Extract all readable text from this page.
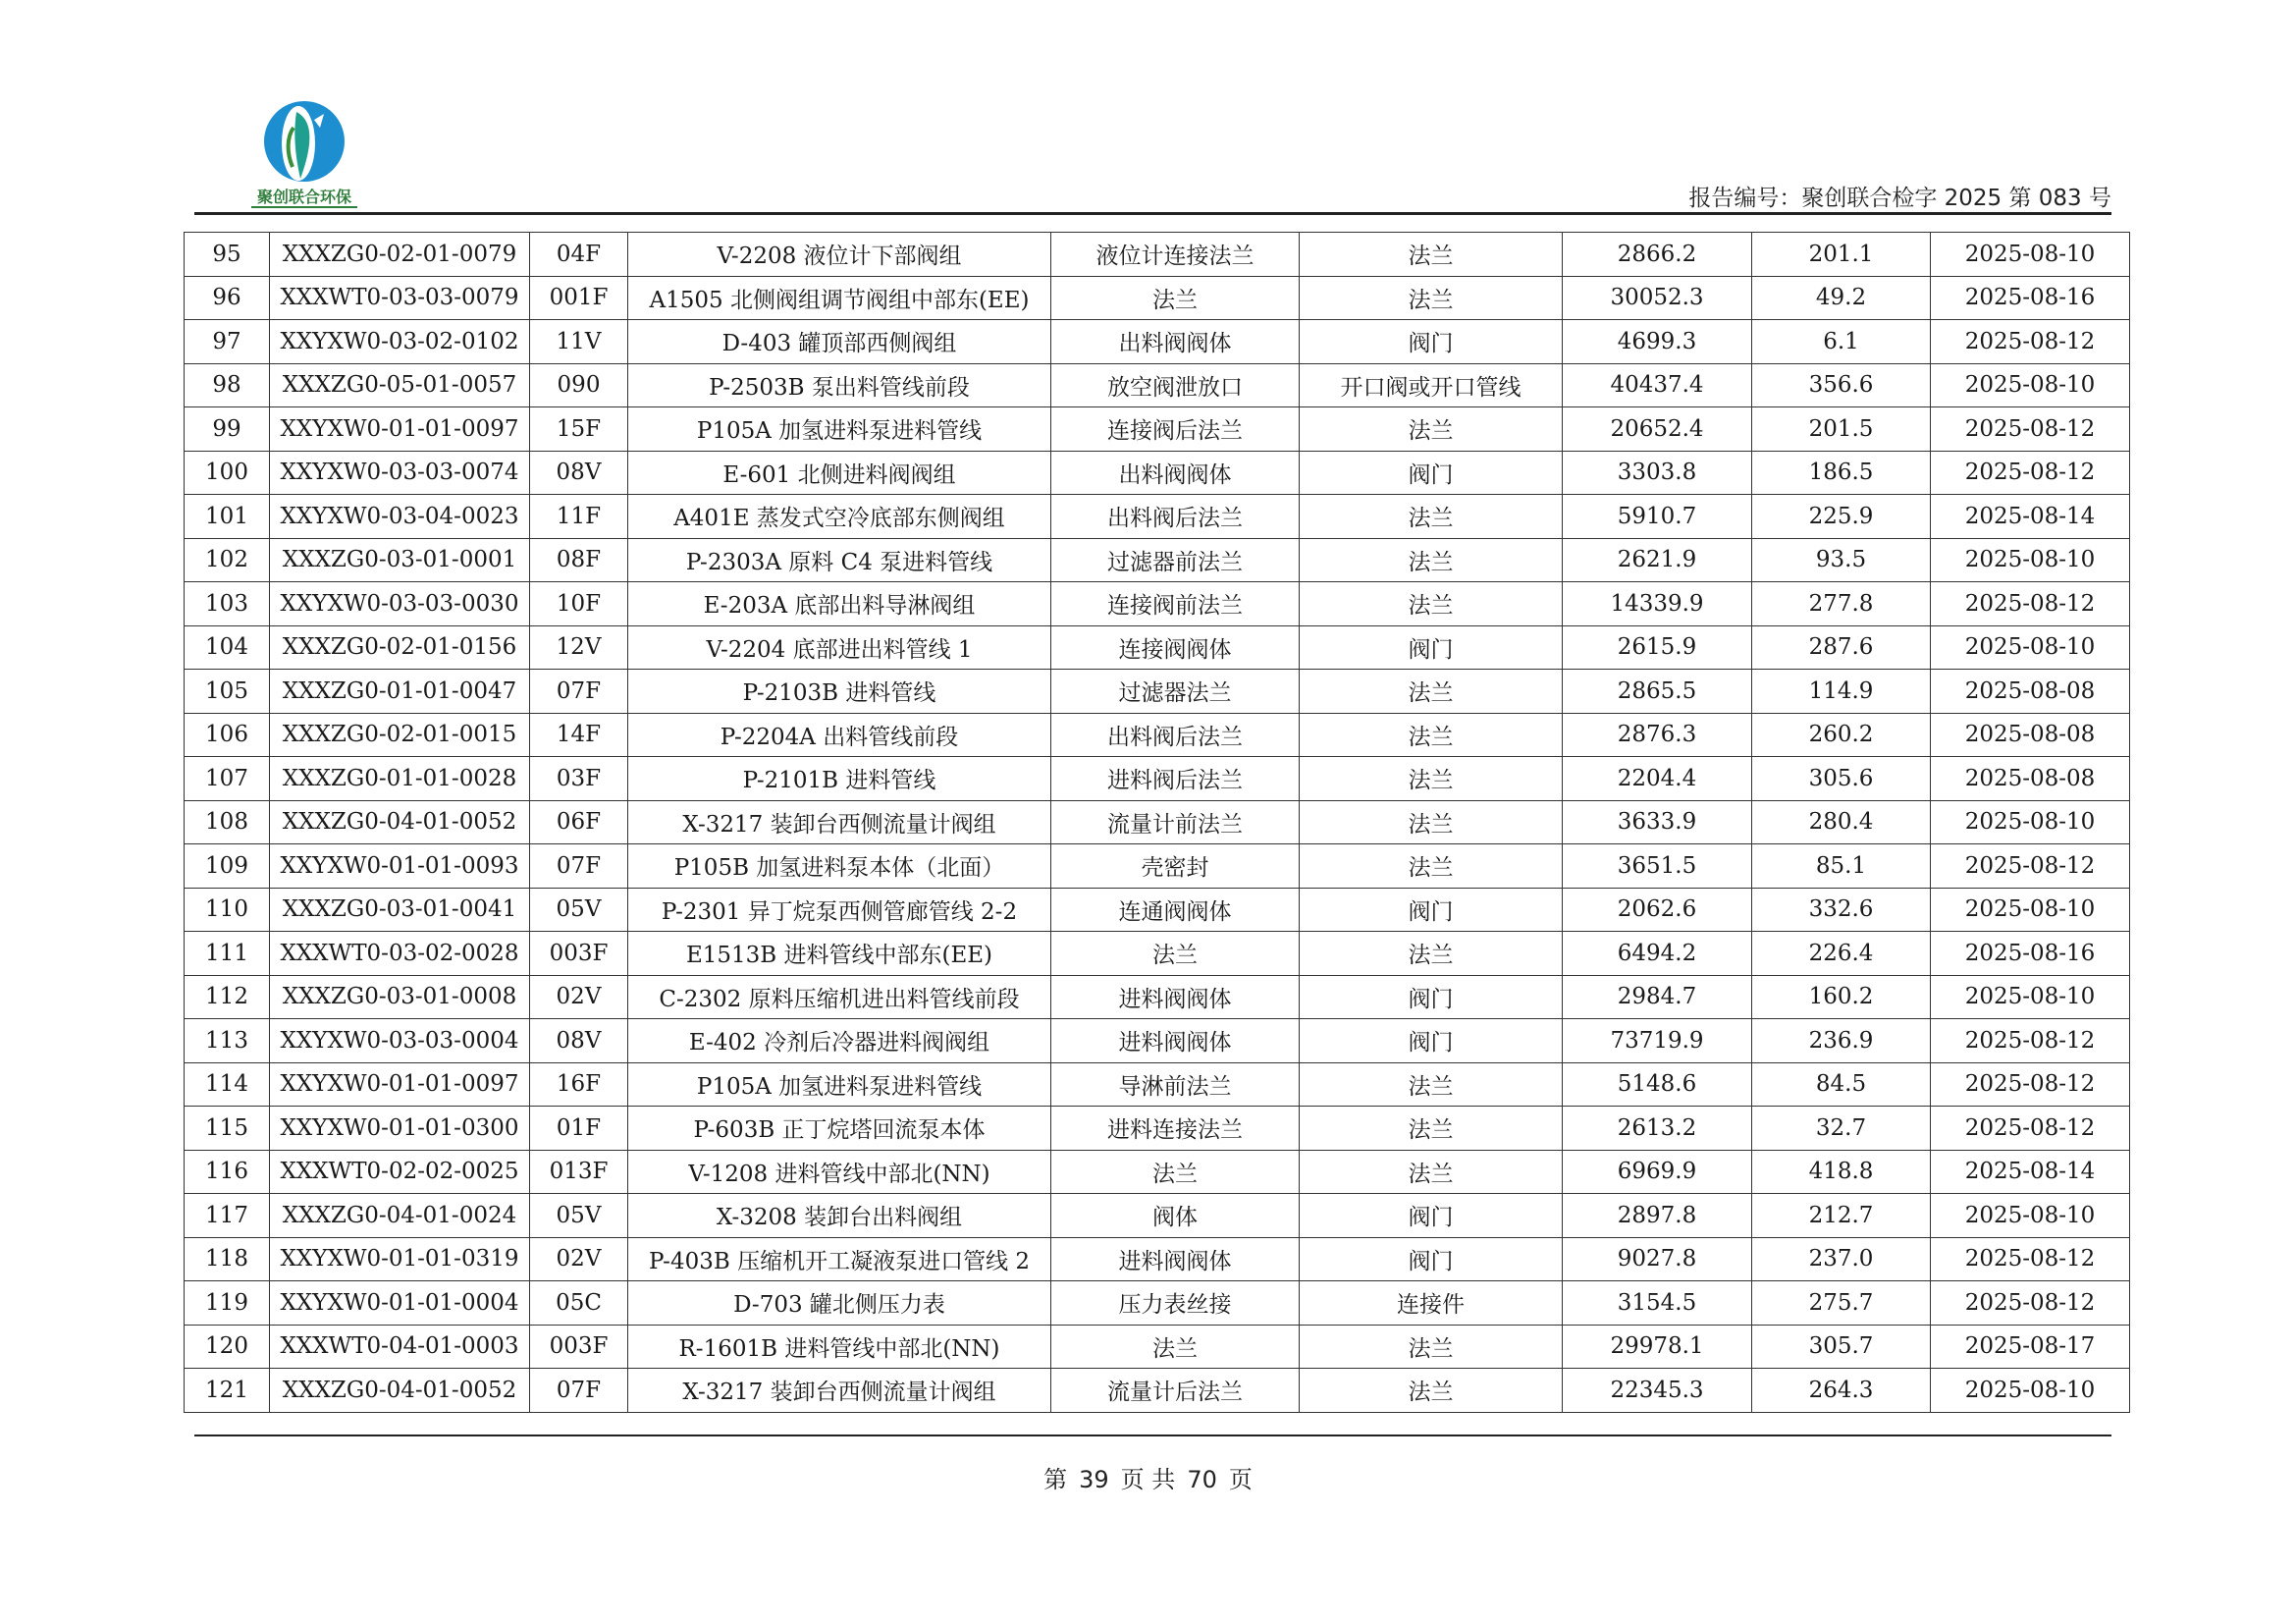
聚创联合环保	报告编号：聚创联合检字 2025 第 083 号
95	XXXZG0-02-01-0079	04F	V-2208 液位计下部阀组	液位计连接法兰	法兰	2866.2	201.1	2025-08-10
96	XXXWT0-03-03-0079	001F	A1505 北侧阀组调节阀组中部东(EE)	法兰	法兰	30052.3	49.2	2025-08-16
97	XXYXW0-03-02-0102	11V	D-403 罐顶部西侧阀组	出料阀阀体	阀门	4699.3	6.1	2025-08-12
98	XXXZG0-05-01-0057	090	P-2503B 泵出料管线前段	放空阀泄放口	开口阀或开口管线	40437.4	356.6	2025-08-10
99	XXYXW0-01-01-0097	15F	P105A 加氢进料泵进料管线	连接阀后法兰	法兰	20652.4	201.5	2025-08-12
100	XXYXW0-03-03-0074	08V	E-601 北侧进料阀阀组	出料阀阀体	阀门	3303.8	186.5	2025-08-12
101	XXYXW0-03-04-0023	11F	A401E 蒸发式空冷底部东侧阀组	出料阀后法兰	法兰	5910.7	225.9	2025-08-14
102	XXXZG0-03-01-0001	08F	P-2303A 原料 C4 泵进料管线	过滤器前法兰	法兰	2621.9	93.5	2025-08-10
103	XXYXW0-03-03-0030	10F	E-203A 底部出料导淋阀组	连接阀前法兰	法兰	14339.9	277.8	2025-08-12
104	XXXZG0-02-01-0156	12V	V-2204 底部进出料管线 1	连接阀阀体	阀门	2615.9	287.6	2025-08-10
105	XXXZG0-01-01-0047	07F	P-2103B 进料管线	过滤器法兰	法兰	2865.5	114.9	2025-08-08
106	XXXZG0-02-01-0015	14F	P-2204A 出料管线前段	出料阀后法兰	法兰	2876.3	260.2	2025-08-08
107	XXXZG0-01-01-0028	03F	P-2101B 进料管线	进料阀后法兰	法兰	2204.4	305.6	2025-08-08
108	XXXZG0-04-01-0052	06F	X-3217 装卸台西侧流量计阀组	流量计前法兰	法兰	3633.9	280.4	2025-08-10
109	XXYXW0-01-01-0093	07F	P105B 加氢进料泵本体（北面）	壳密封	法兰	3651.5	85.1	2025-08-12
110	XXXZG0-03-01-0041	05V	P-2301 异丁烷泵西侧管廊管线 2-2	连通阀阀体	阀门	2062.6	332.6	2025-08-10
111	XXXWT0-03-02-0028	003F	E1513B 进料管线中部东(EE)	法兰	法兰	6494.2	226.4	2025-08-16
112	XXXZG0-03-01-0008	02V	C-2302 原料压缩机进出料管线前段	进料阀阀体	阀门	2984.7	160.2	2025-08-10
113	XXYXW0-03-03-0004	08V	E-402 冷剂后冷器进料阀阀组	进料阀阀体	阀门	73719.9	236.9	2025-08-12
114	XXYXW0-01-01-0097	16F	P105A 加氢进料泵进料管线	导淋前法兰	法兰	5148.6	84.5	2025-08-12
115	XXYXW0-01-01-0300	01F	P-603B 正丁烷塔回流泵本体	进料连接法兰	法兰	2613.2	32.7	2025-08-12
116	XXXWT0-02-02-0025	013F	V-1208 进料管线中部北(NN)	法兰	法兰	6969.9	418.8	2025-08-14
117	XXXZG0-04-01-0024	05V	X-3208 装卸台出料阀组	阀体	阀门	2897.8	212.7	2025-08-10
118	XXYXW0-01-01-0319	02V	P-403B 压缩机开工凝液泵进口管线 2	进料阀阀体	阀门	9027.8	237.0	2025-08-12
119	XXYXW0-01-01-0004	05C	D-703 罐北侧压力表	压力表丝接	连接件	3154.5	275.7	2025-08-12
120	XXXWT0-04-01-0003	003F	R-1601B 进料管线中部北(NN)	法兰	法兰	29978.1	305.7	2025-08-17
121	XXXZG0-04-01-0052	07F	X-3217 装卸台西侧流量计阀组	流量计后法兰	法兰	22345.3	264.3	2025-08-10
第 39 页 共 70 页
